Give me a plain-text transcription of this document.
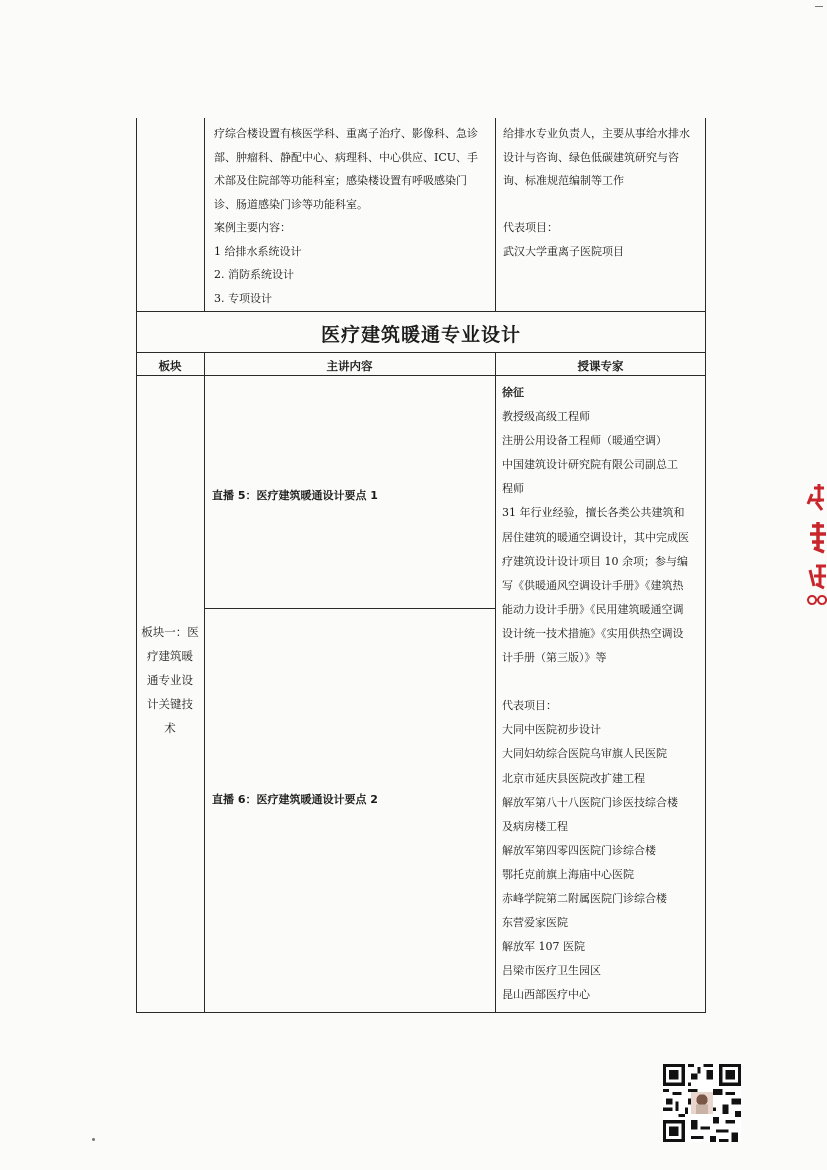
疗综合楼设置有核医学科、重离子治疗、影像科、急诊
部、肿瘤科、静配中心、病理科、中心供应、ICU、手
术部及住院部等功能科室；感染楼设置有呼吸感染门
诊、肠道感染门诊等功能科室。
案例主要内容：
1 给排水系统设计
2. 消防系统设计
3. 专项设计
给排水专业负责人，主要从事给水排水
设计与咨询、绿色低碳建筑研究与咨
询、标准规范编制等工作

代表项目：
武汉大学重离子医院项目
医疗建筑暖通专业设计
板块	主讲内容	授课专家
板块一：医
疗建筑暖
通专业设
计关键技
术
直播 5：医疗建筑暖通设计要点 1
直播 6：医疗建筑暖通设计要点 2
徐征
教授级高级工程师
注册公用设备工程师（暖通空调）
中国建筑设计研究院有限公司副总工
程师
31 年行业经验，擅长各类公共建筑和
居住建筑的暖通空调设计，其中完成医
疗建筑设计设计项目 10 余项；参与编
写《供暖通风空调设计手册》《建筑热
能动力设计手册》《民用建筑暖通空调
设计统一技术措施》《实用供热空调设
计手册（第三版）》等

代表项目：
大同中医院初步设计
大同妇幼综合医院乌审旗人民医院
北京市延庆县医院改扩建工程
解放军第八十八医院门诊医技综合楼
及病房楼工程
解放军第四零四医院门诊综合楼
鄂托克前旗上海庙中心医院
赤峰学院第二附属医院门诊综合楼
东营爱家医院
解放军 107 医院
吕梁市医疗卫生园区
昆山西部医疗中心
